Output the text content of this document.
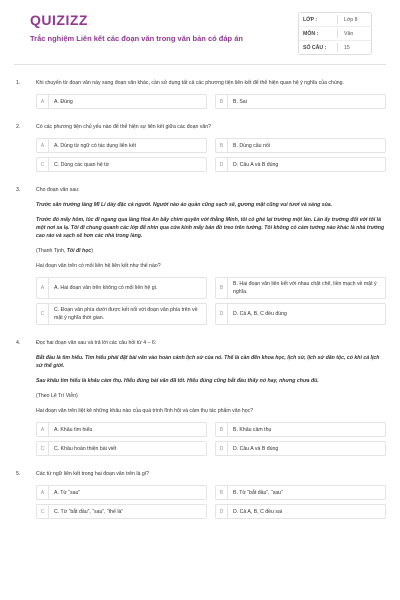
QUIZIZZ
Trắc nghiệm Liên kết các đoạn văn trong văn bản có đáp án
LỚP :	Lớp 8
MÔN :	Văn
SỐ CÂU :	15
1.	Khi chuyển từ đoạn văn này sang đoạn văn khác, cần sử dụng tất cả các phương tiện liên kết để thể hiện quan hệ ý nghĩa của chúng.
A	A. Đúng	B	B. Sai
2.	Có các phương tiện chủ yếu nào để thể hiện sự liên kết giữa các đoạn văn?
A	A. Dùng từ ngữ có tác dụng liên kết	B	B. Dùng câu nối
C	C. Dùng các quan hệ từ	D	D. Câu A và B đúng
3.	Cho đoạn văn sau:
Trước sân trường làng Mĩ Lí dày đặc cả người. Người nào áo quần cũng sạch sẽ, gương mặt cũng vui tươi và sáng sủa.
Trước đó mấy hôm, lúc đi ngang qua làng Hoà An bẩy chim quyên với thằng Minh, tôi có ghé lại trường một lần. Lần ấy trường đối với tôi là một nơi xa lạ. Tôi đi chung quanh các lớp để nhìn qua cửa kính mấy bản đồ treo trên tường. Tôi không có cảm tưởng nào khác là nhà trường cao ráo và sạch sẽ hơn các nhà trong làng.
(Thanh Tịnh, Tôi đi học)
Hai đoạn văn trên có mối liên hệ liên kết như thế nào?
A	A. Hai đoạn văn trên không có mối liên hệ gì.	B
B. Hai đoạn văn liên kết với nhau chặt chẽ, liền mạch về mặt ý nghĩa.
C
C. Đoạn văn phía dưới được kết nối với đoạn văn phía trên về mặt ý nghĩa thời gian.
D	D. Cả A, B, C đều đúng
4.	Đọc hai đoạn văn sau và trả lời các câu hỏi từ 4 – 6:
Bắt đầu là tìm hiểu. Tìm hiểu phải đặt bài văn vào hoàn cảnh lịch sử của nó. Thế là cần đến khoa học, lịch sử, lịch sử dân tộc, có khi cả lịch sử thế giới.
Sau khâu tìm hiểu là khâu cảm thụ. Hiểu đúng bài văn đã tốt. Hiểu đúng cũng bắt đầu thấy nó hay, nhưng chưa đủ.
(Theo Lê Trí Viễn)
Hai đoạn văn trên liệt kê những khâu nào của quá trình lĩnh hội và cảm thụ tác phẩm văn học?
A	A. Khâu tìm hiểu	B	B. Khâu cảm thụ
C	C. Khâu hoàn thiện bài viết	D	D. Câu A và B đúng
5.	Các từ ngữ liên kết trong hai đoạn văn trên là gì?
A	A. Từ “sau”	B	B. Từ “bắt đầu”, “sau”
C	C. Từ “bắt đầu”, “sau”, “thế là”	D	D. Cả A, B, C đều sai
